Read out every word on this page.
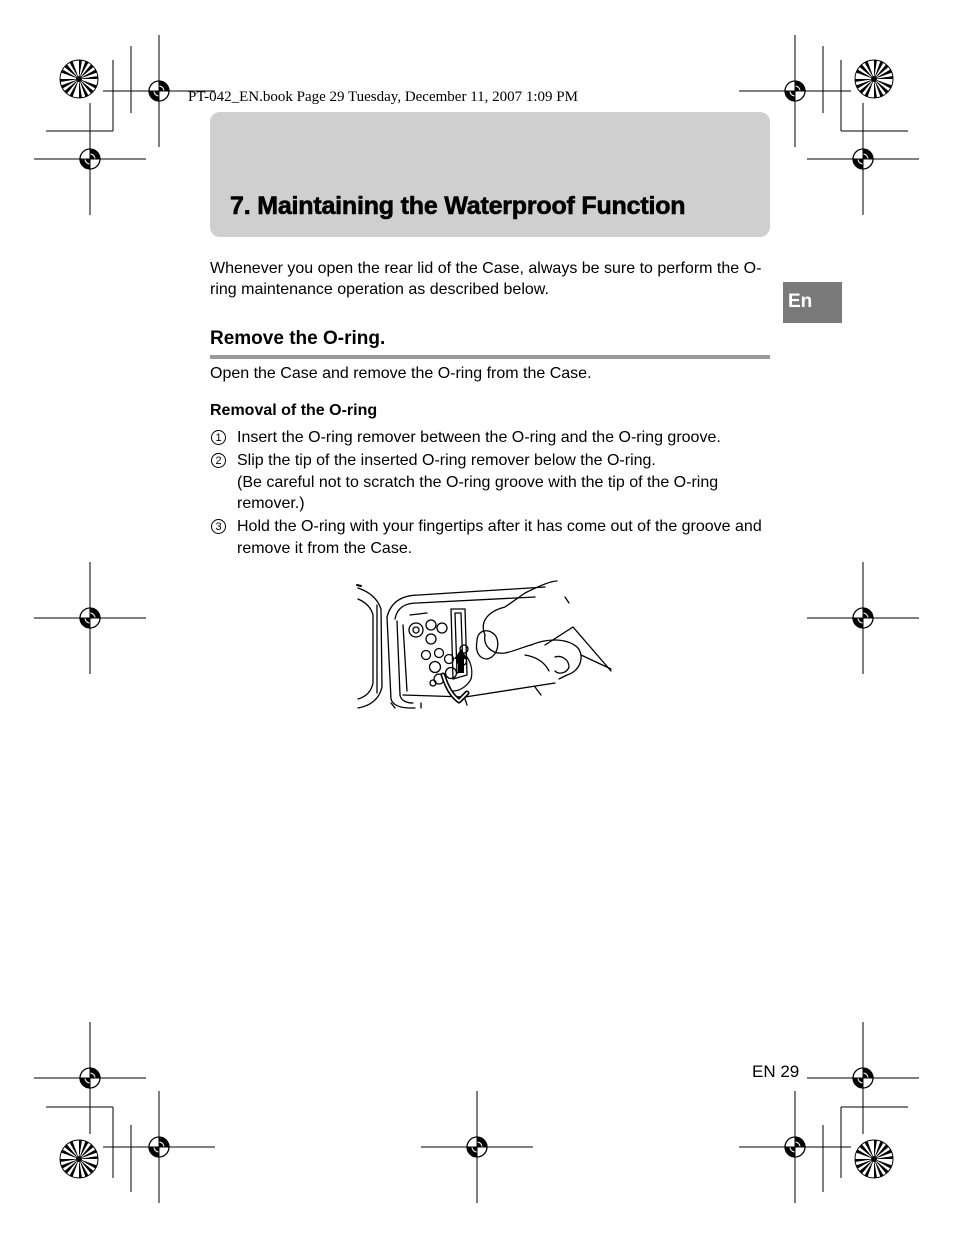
PT-042_EN.book Page 29 Tuesday, December 11, 2007 1:09 PM
7. Maintaining the Waterproof Function
En
Whenever you open the rear lid of the Case, always be sure to perform the O-ring maintenance operation as described below.
Remove the O-ring.
Open the Case and remove the O-ring from the Case.
Removal of the O-ring
1 Insert the O-ring remover between the O-ring and the O-ring groove.
2 Slip the tip of the inserted O-ring remover below the O-ring.
(Be careful not to scratch the O-ring groove with the tip of the O-ring remover.)
3 Hold the O-ring with your fingertips after it has come out of the groove and remove it from the Case.
EN 29
